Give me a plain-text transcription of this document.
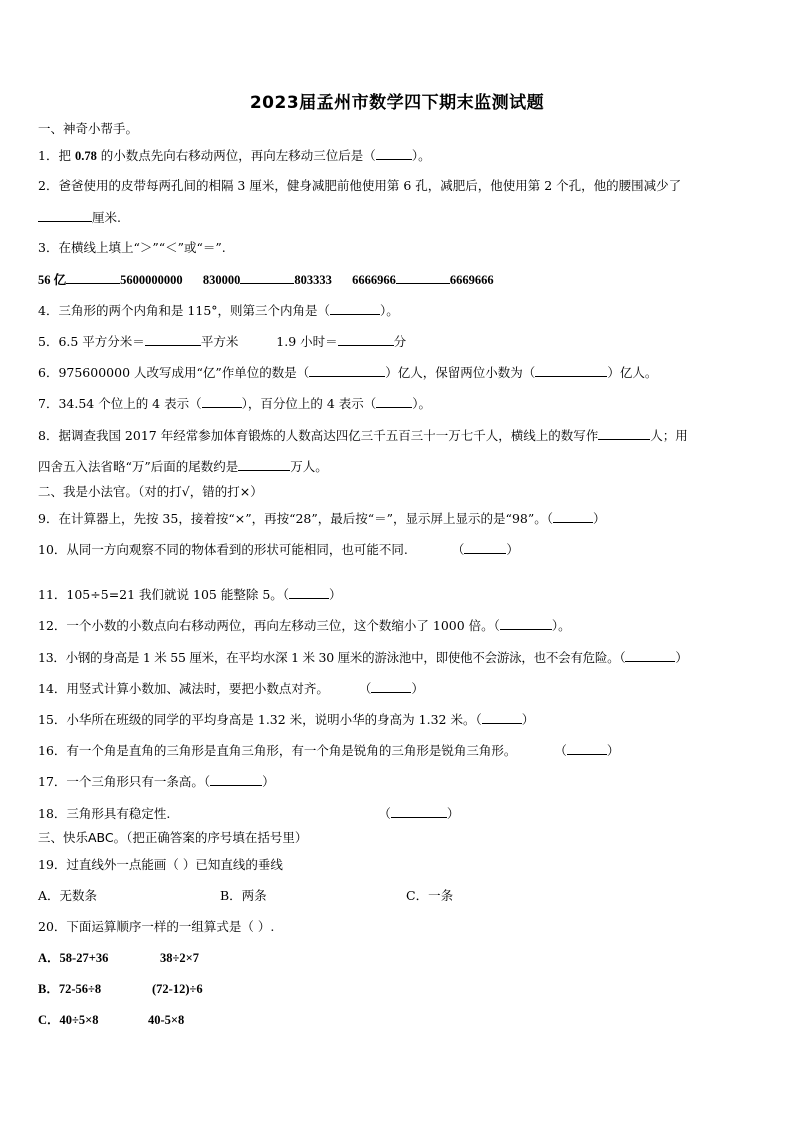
2023届孟州市数学四下期末监测试题
一、神奇小帮手。
1．把 0.78 的小数点先向右移动两位，再向左移动三位后是（	）。
2．爸爸使用的皮带每两孔间的相隔 3 厘米，健身减肥前他使用第 6 孔，减肥后，他使用第 2 个孔，他的腰围减少了
厘米.
3．在横线上填上“＞”“＜”或“＝”.
56 亿	5600000000 830000	803333 6666966	6669666
4．三角形的两个内角和是 115°，则第三个内角是（	）。
5．6.5 平方分米＝	平方米	1.9 小时＝	分
6．975600000 人改写成用“亿”作单位的数是（	）亿人，保留两位小数为（	）亿人。
7．34.54 个位上的 4 表示（	），百分位上的 4 表示（	）。
8．据调查我国 2017 年经常参加体育锻炼的人数高达四亿三千五百三十一万七千人，横线上的数写作	人；用
四舍五入法省略“万”后面的尾数约是	万人。
二、我是小法官。（对的打√，错的打×）
9．在计算器上，先按 35，接着按“×”，再按“28”，最后按“＝”，显示屏上显示的是“98”。（	）
10．从同一方向观察不同的物体看到的形状可能相同，也可能不同.	（	）
11．105÷5=21 我们就说 105 能整除 5。（	）
12．一个小数的小数点向右移动两位，再向左移动三位，这个数缩小了 1000 倍。（	）。
13．小钢的身高是 1 米 55 厘米，在平均水深 1 米 30 厘米的游泳池中，即使他不会游泳，也不会有危险。（	）
14．用竖式计算小数加、减法时，要把小数点对齐。 （	）
15．小华所在班级的同学的平均身高是 1.32 米，说明小华的身高为 1.32 米。（	）
16．有一个角是直角的三角形是直角三角形，有一个角是锐角的三角形是锐角三角形。	（	）
17．一个三角形只有一条高。（	）
18．三角形具有稳定性.	（	）
三、快乐ABC。（把正确答案的序号填在括号里）
19．过直线外一点能画（ ）已知直线的垂线
A．无数条	B．两条	C．一条
20．下面运算顺序一样的一组算式是（ ）.
A．58-27+36	38÷2×7
B．72-56÷8	(72-12)÷6
C．40÷5×8	40-5×8
